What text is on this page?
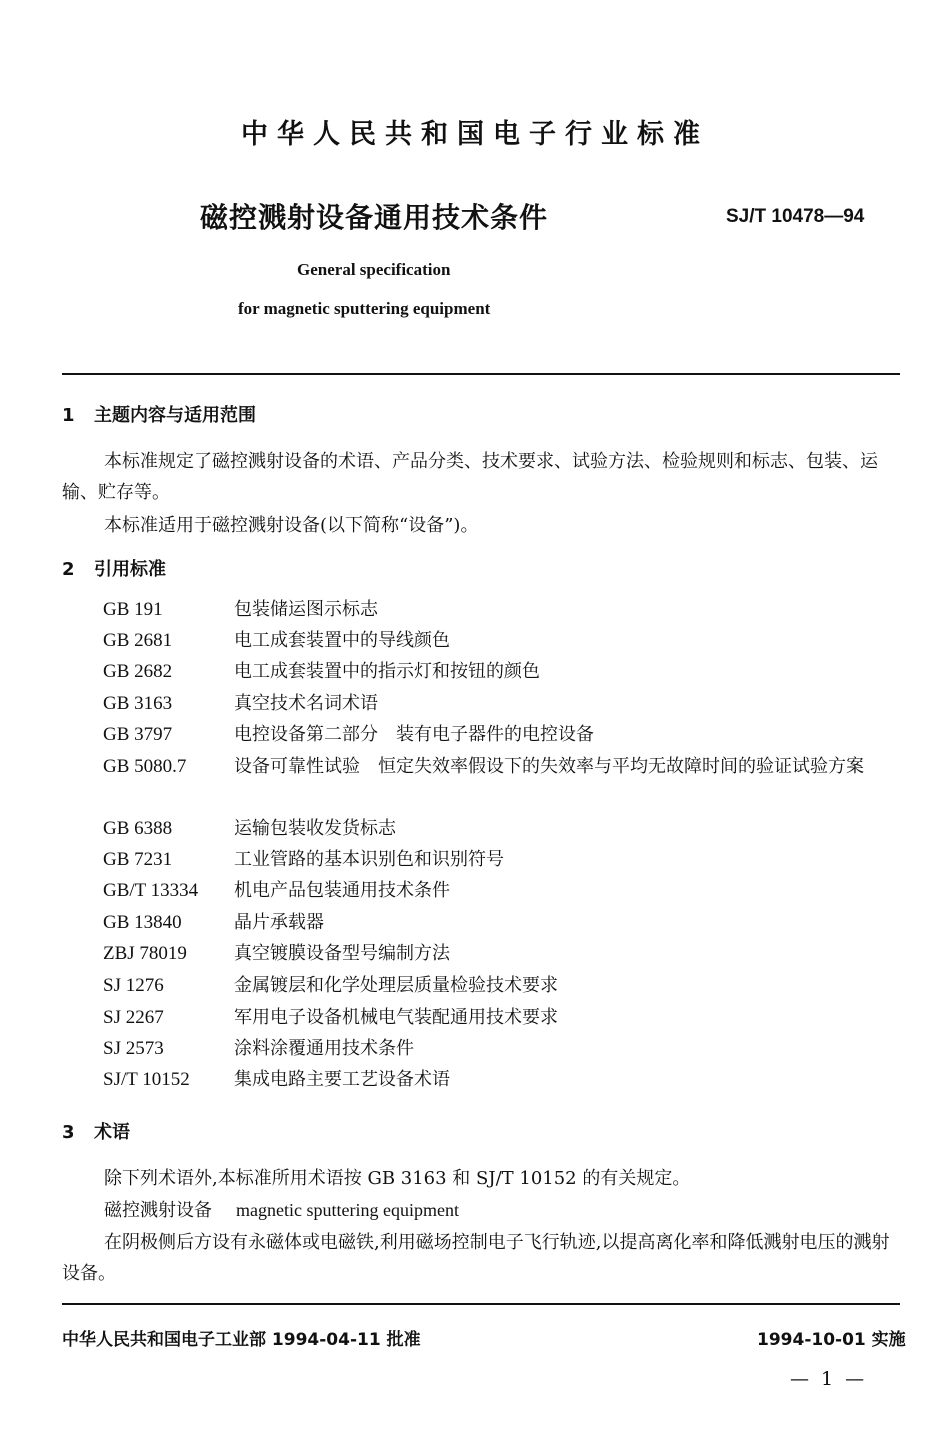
中华人民共和国电子行业标准
磁控溅射设备通用技术条件	SJ/T 10478—94
General specification
for magnetic sputtering equipment
1 主题内容与适用范围
本标准规定了磁控溅射设备的术语、产品分类、技术要求、试验方法、检验规则和标志、包装、运输、贮存等。
本标准适用于磁控溅射设备(以下简称“设备”)。
2 引用标准
GB 191	包装储运图示标志
GB 2681	电工成套装置中的导线颜色
GB 2682	电工成套装置中的指示灯和按钮的颜色
GB 3163	真空技术名词术语
GB 3797	电控设备第二部分　装有电子器件的电控设备
GB 5080.7	设备可靠性试验　恒定失效率假设下的失效率与平均无故障时间的验证试验方案
GB 6388	运输包装收发货标志
GB 7231	工业管路的基本识别色和识别符号
GB/T 13334 机电产品包装通用技术条件
GB 13840	晶片承载器
ZBJ 78019	真空镀膜设备型号编制方法
SJ 1276	金属镀层和化学处理层质量检验技术要求
SJ 2267	军用电子设备机械电气装配通用技术要求
SJ 2573	涂料涂覆通用技术条件
SJ/T 10152 集成电路主要工艺设备术语
3 术语
除下列术语外,本标准所用术语按 GB 3163 和 SJ/T 10152 的有关规定。
磁控溅射设备 magnetic sputtering equipment
在阴极侧后方设有永磁体或电磁铁,利用磁场控制电子飞行轨迹,以提高离化率和降低溅射电压的溅射设备。
中华人民共和国电子工业部 1994-04-11 批准	1994-10-01 实施
— 1 —
